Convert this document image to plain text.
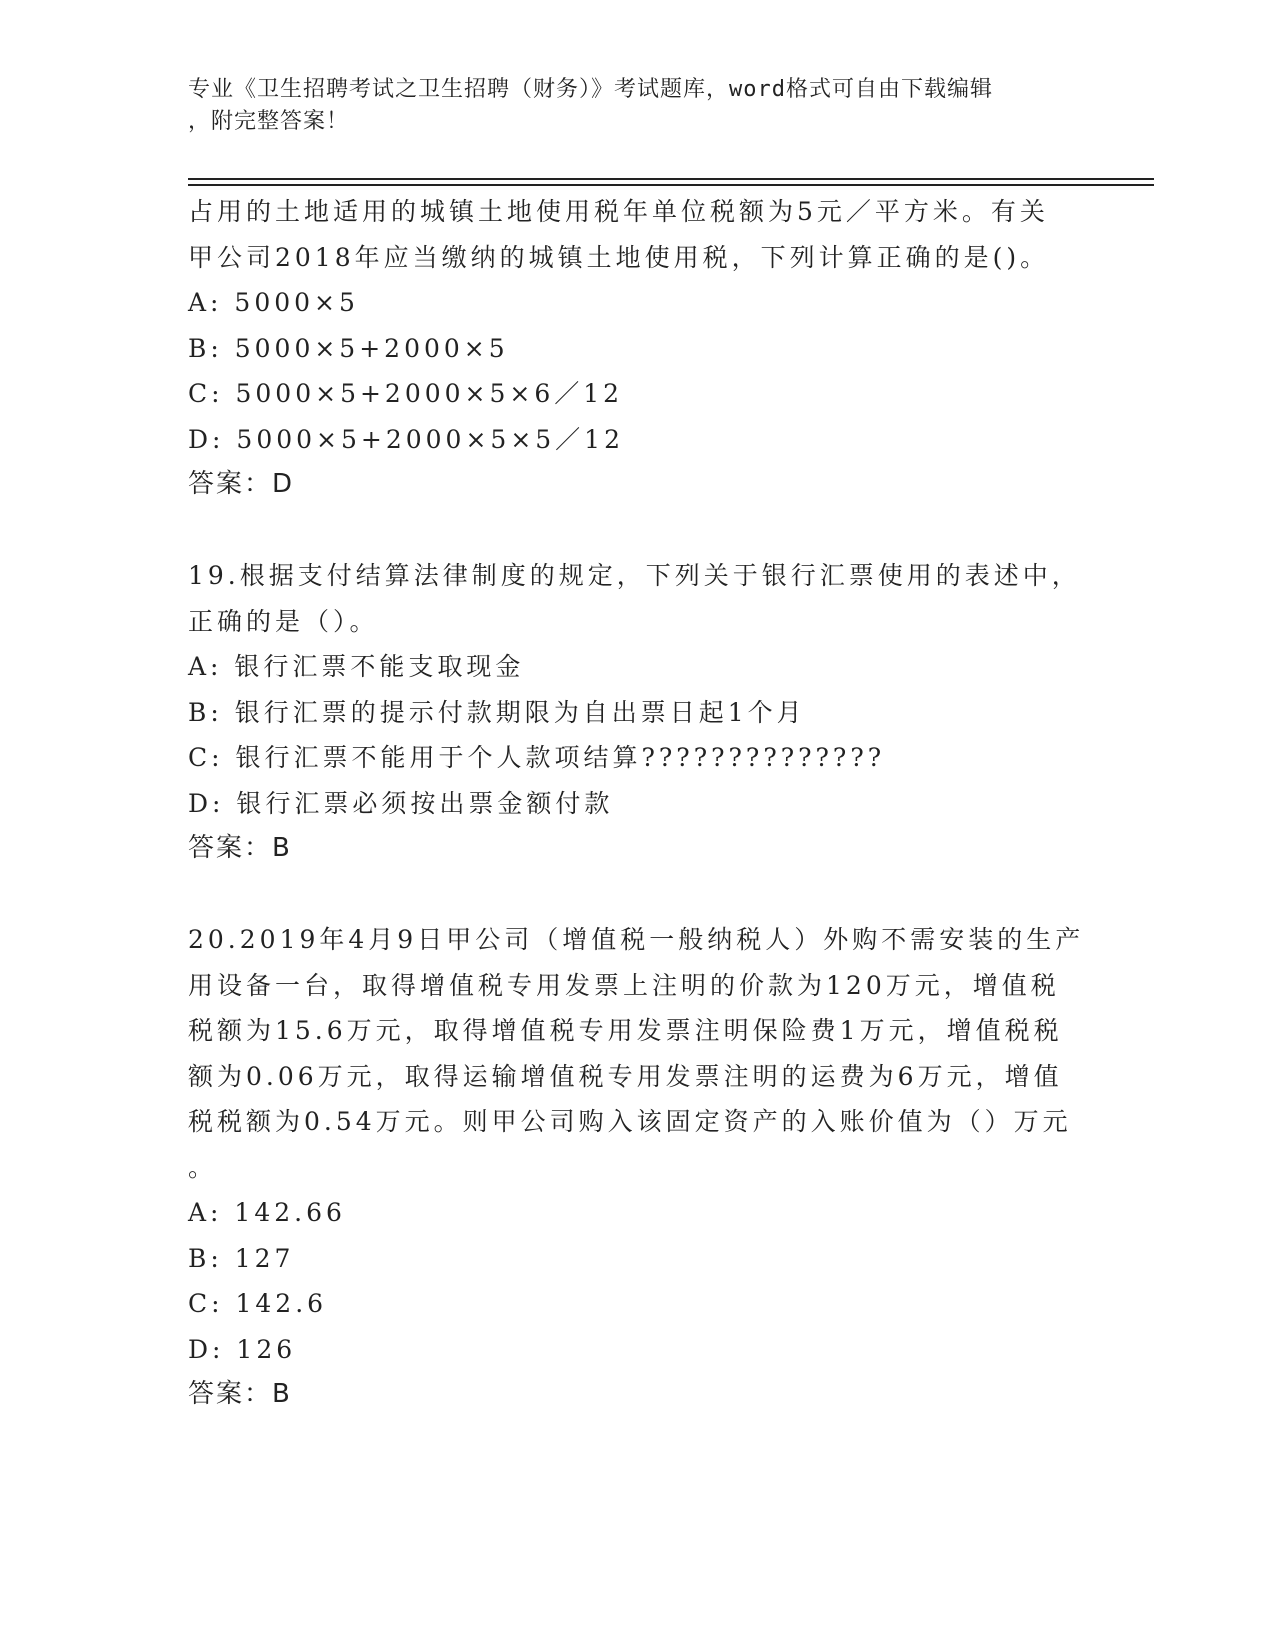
专业《卫生招聘考试之卫生招聘（财务）》考试题库，word格式可自由下载编辑
，附完整答案！
占用的土地适用的城镇土地使用税年单位税额为5元／平方米。有关
甲公司2018年应当缴纳的城镇土地使用税，下列计算正确的是()。
A: 5000×5
B: 5000×5+2000×5
C: 5000×5+2000×5×6／12
D: 5000×5+2000×5×5／12
答案：D
19.根据支付结算法律制度的规定，下列关于银行汇票使用的表述中，
正确的是（）。
A: 银行汇票不能支取现金
B: 银行汇票的提示付款期限为自出票日起1个月
C: 银行汇票不能用于个人款项结算??????????????
D: 银行汇票必须按出票金额付款
答案：B
20.2019年4月9日甲公司（增值税一般纳税人）外购不需安装的生产
用设备一台，取得增值税专用发票上注明的价款为120万元，增值税
税额为15.6万元，取得增值税专用发票注明保险费1万元，增值税税
额为0.06万元，取得运输增值税专用发票注明的运费为6万元，增值
税税额为0.54万元。则甲公司购入该固定资产的入账价值为（）万元
。
A: 142.66
B: 127
C: 142.6
D: 126
答案：B
